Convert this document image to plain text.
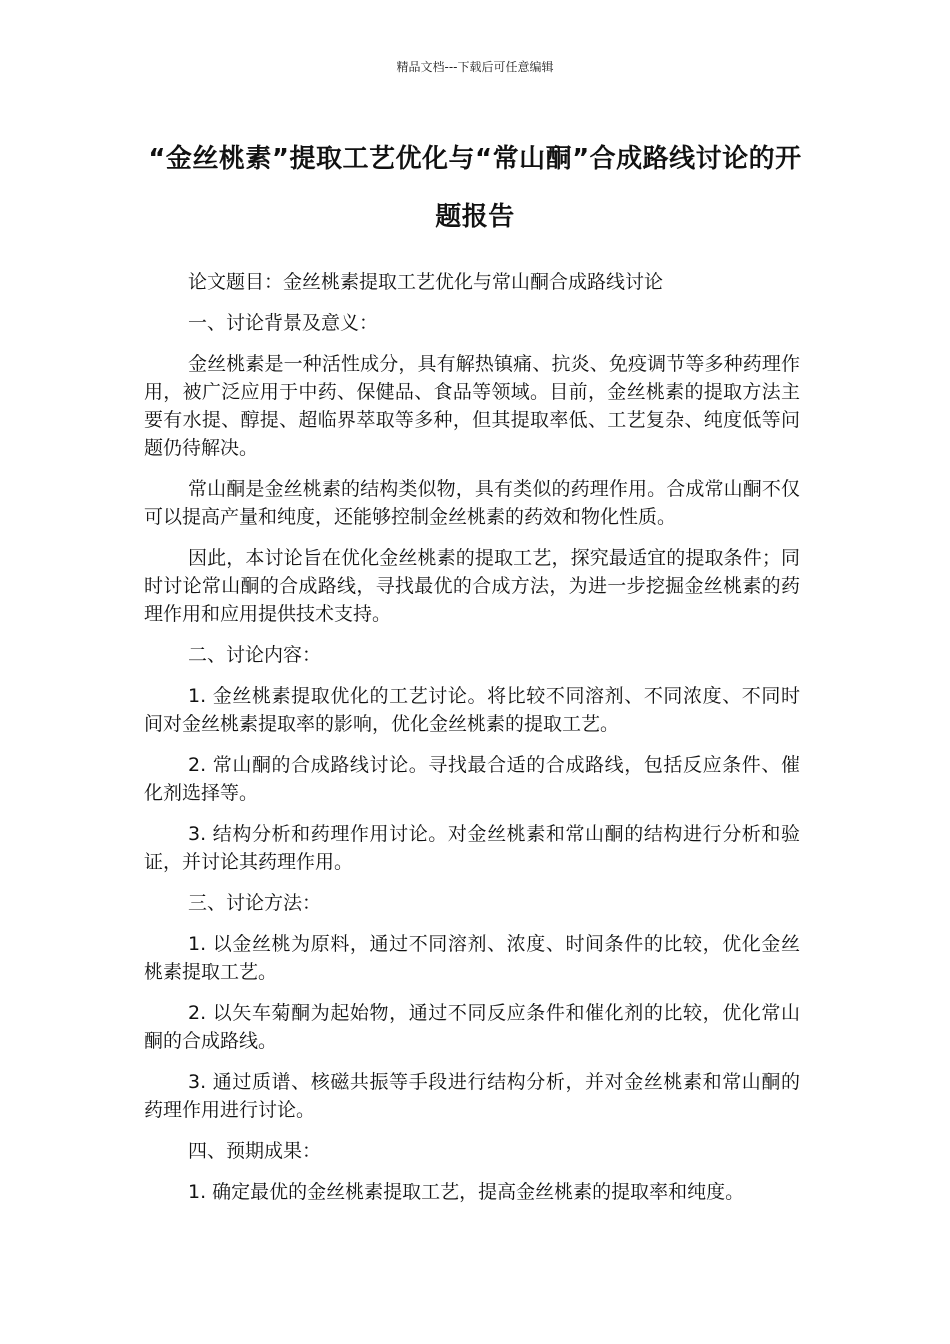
精品文档---下载后可任意编辑
“金丝桃素”提取工艺优化与“常山酮”合成路线讨论的开题报告

论文题目：金丝桃素提取工艺优化与常山酮合成路线讨论

一、讨论背景及意义：

金丝桃素是一种活性成分，具有解热镇痛、抗炎、免疫调节等多种药理作用，被广泛应用于中药、保健品、食品等领域。目前，金丝桃素的提取方法主要有水提、醇提、超临界萃取等多种，但其提取率低、工艺复杂、纯度低等问题仍待解决。

常山酮是金丝桃素的结构类似物，具有类似的药理作用。合成常山酮不仅可以提高产量和纯度，还能够控制金丝桃素的药效和物化性质。

因此，本讨论旨在优化金丝桃素的提取工艺，探究最适宜的提取条件；同时讨论常山酮的合成路线，寻找最优的合成方法，为进一步挖掘金丝桃素的药理作用和应用提供技术支持。

二、讨论内容：

1. 金丝桃素提取优化的工艺讨论。将比较不同溶剂、不同浓度、不同时间对金丝桃素提取率的影响，优化金丝桃素的提取工艺。

2. 常山酮的合成路线讨论。寻找最合适的合成路线，包括反应条件、催化剂选择等。

3. 结构分析和药理作用讨论。对金丝桃素和常山酮的结构进行分析和验证，并讨论其药理作用。

三、讨论方法：

1. 以金丝桃为原料，通过不同溶剂、浓度、时间条件的比较，优化金丝桃素提取工艺。

2. 以矢车菊酮为起始物，通过不同反应条件和催化剂的比较，优化常山酮的合成路线。

3. 通过质谱、核磁共振等手段进行结构分析，并对金丝桃素和常山酮的药理作用进行讨论。

四、预期成果：

1. 确定最优的金丝桃素提取工艺，提高金丝桃素的提取率和纯度。
